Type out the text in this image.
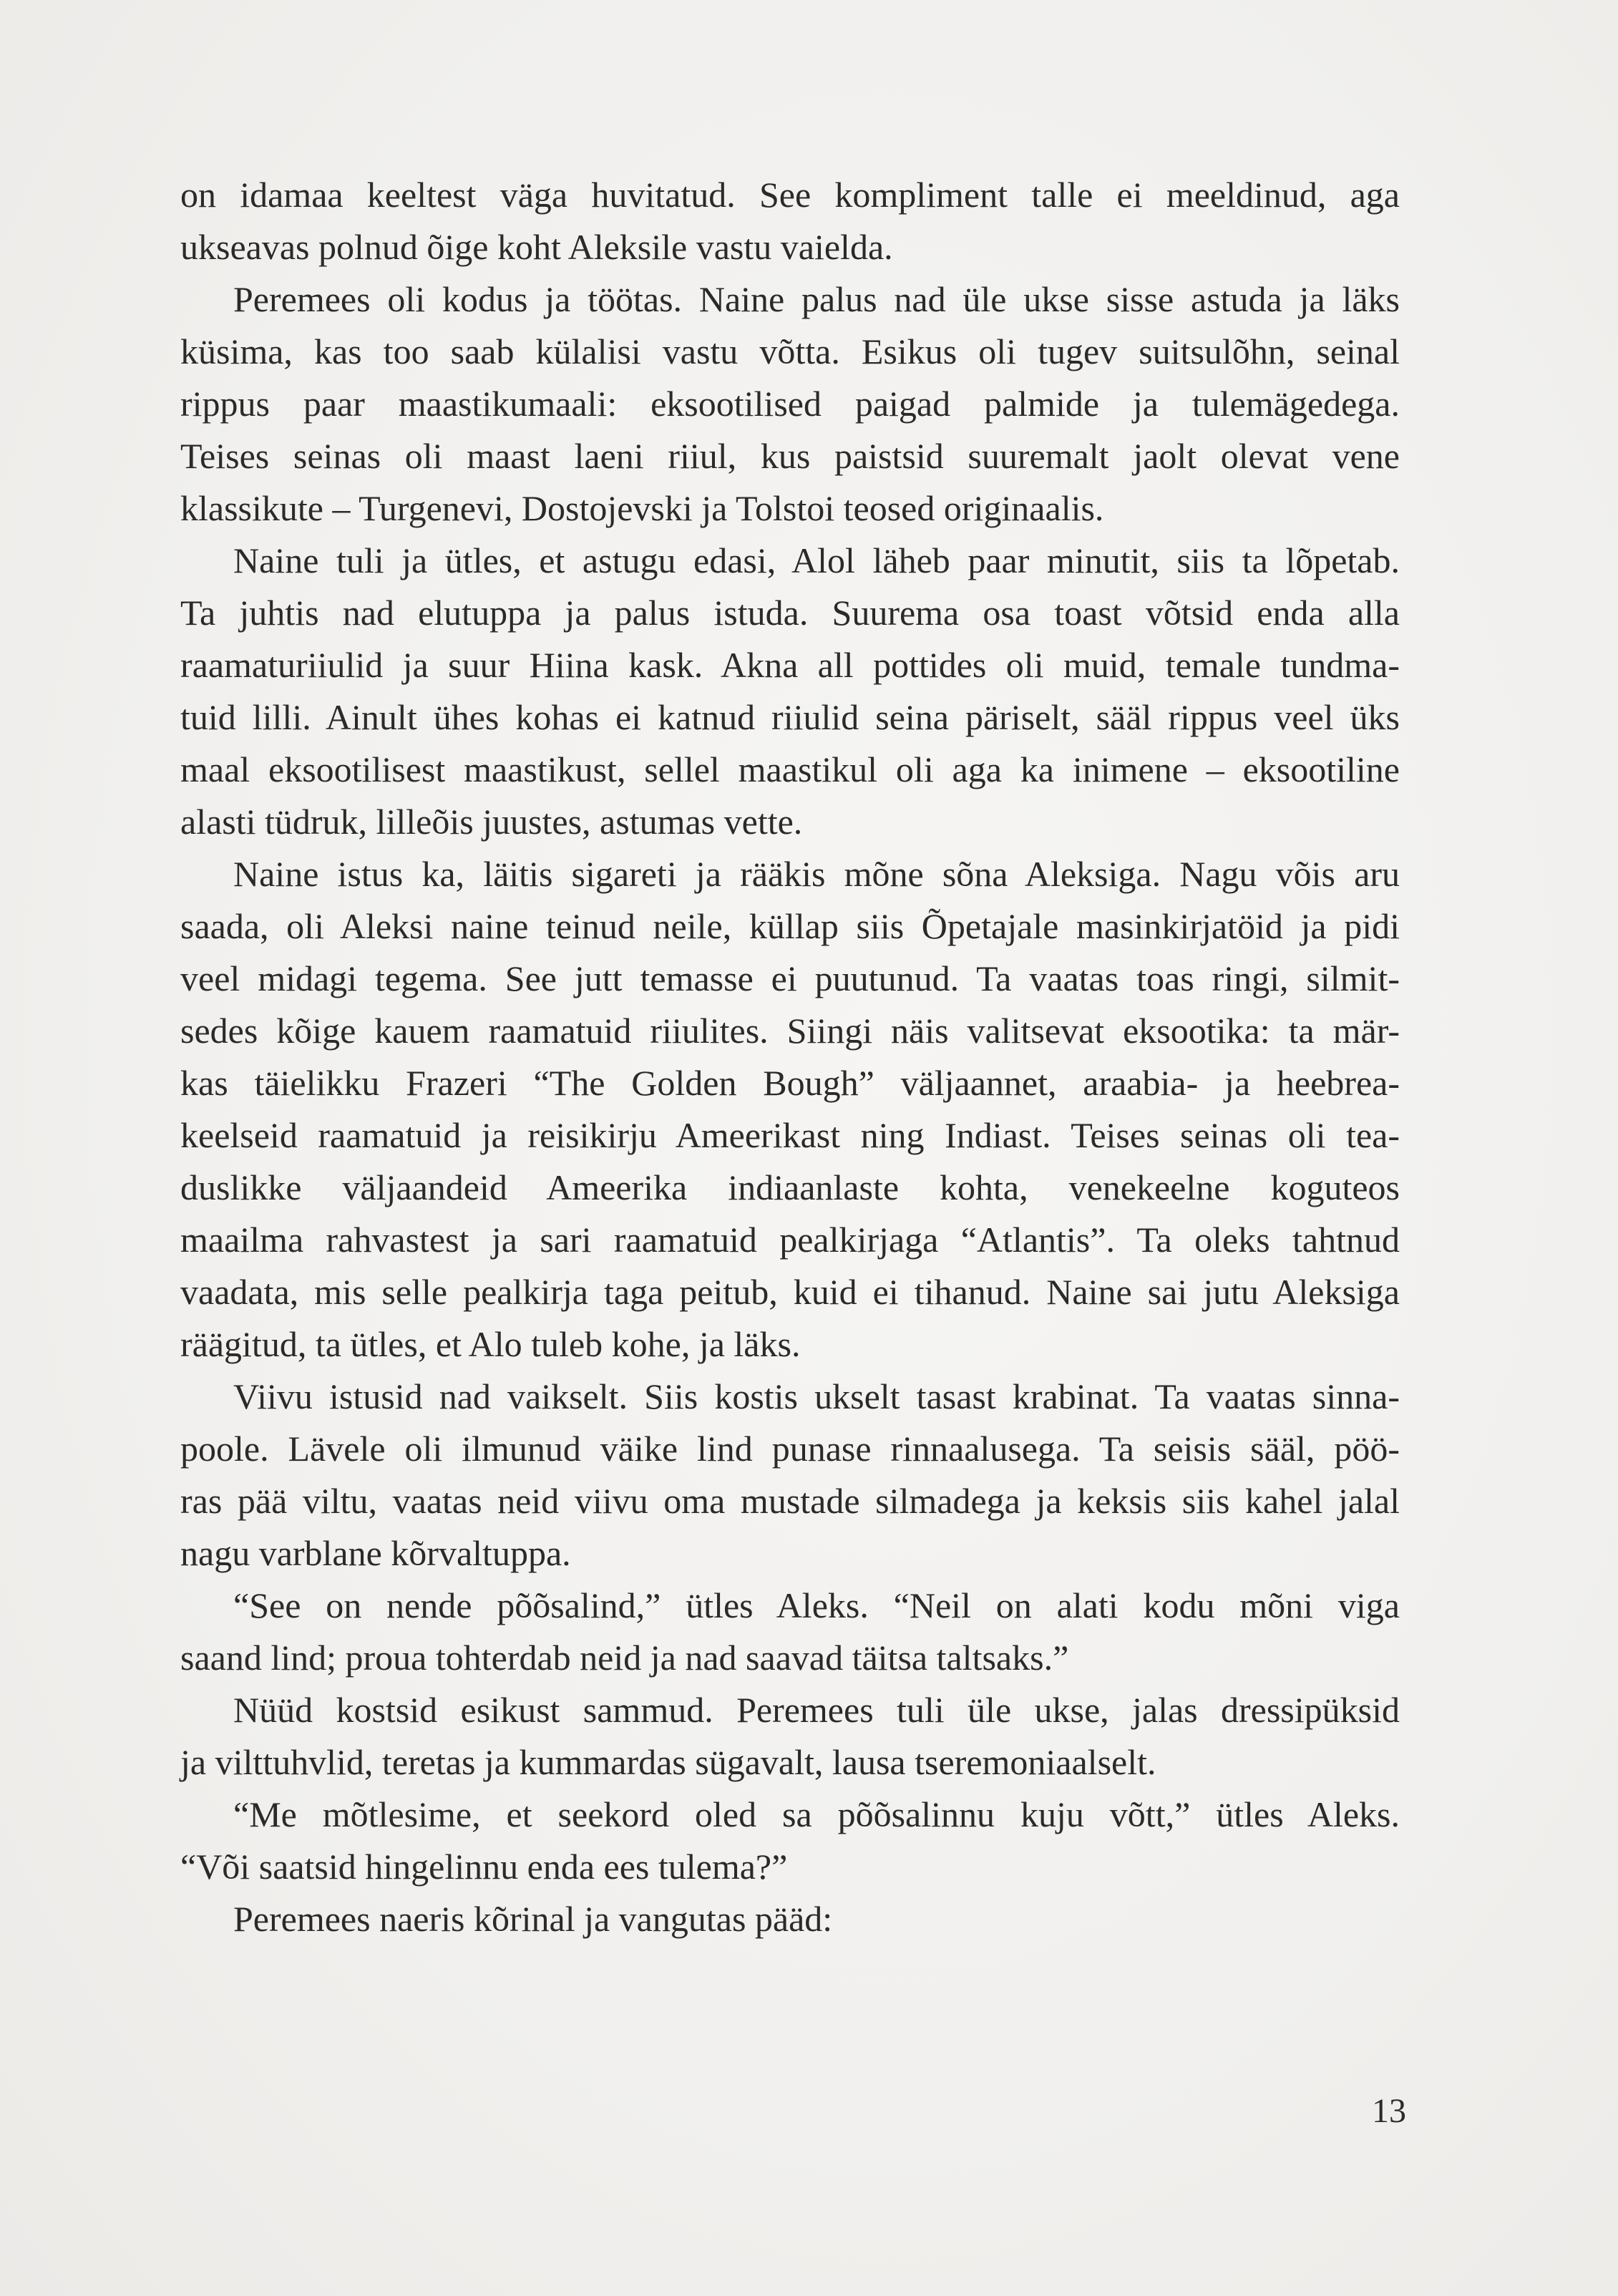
on idamaa keeltest väga huvitatud. See kompliment talle ei meeldinud, aga
ukseavas polnud õige koht Aleksile vastu vaielda.
Peremees oli kodus ja töötas. Naine palus nad üle ukse sisse astuda ja läks
küsima, kas too saab külalisi vastu võtta. Esikus oli tugev suitsulõhn, seinal
rippus paar maastikumaali: eksootilised paigad palmide ja tulemägedega.
Teises seinas oli maast laeni riiul, kus paistsid suuremalt jaolt olevat vene
klassikute – Turgenevi, Dostojevski ja Tolstoi teosed originaalis.
Naine tuli ja ütles, et astugu edasi, Alol läheb paar minutit, siis ta lõpetab.
Ta juhtis nad elutuppa ja palus istuda. Suurema osa toast võtsid enda alla
raamaturiiulid ja suur Hiina kask. Akna all pottides oli muid, temale tundma-
tuid lilli. Ainult ühes kohas ei katnud riiulid seina päriselt, sääl rippus veel üks
maal eksootilisest maastikust, sellel maastikul oli aga ka inimene – eksootiline
alasti tüdruk, lilleõis juustes, astumas vette.
Naine istus ka, läitis sigareti ja rääkis mõne sõna Aleksiga. Nagu võis aru
saada, oli Aleksi naine teinud neile, küllap siis Õpetajale masinkirjatöid ja pidi
veel midagi tegema. See jutt temasse ei puutunud. Ta vaatas toas ringi, silmit-
sedes kõige kauem raamatuid riiulites. Siingi näis valitsevat eksootika: ta mär-
kas täielikku Frazeri “The Golden Bough” väljaannet, araabia- ja heebrea-
keelseid raamatuid ja reisikirju Ameerikast ning Indiast. Teises seinas oli tea-
duslikke väljaandeid Ameerika indiaanlaste kohta, venekeelne koguteos
maailma rahvastest ja sari raamatuid pealkirjaga “Atlantis”. Ta oleks tahtnud
vaadata, mis selle pealkirja taga peitub, kuid ei tihanud. Naine sai jutu Aleksiga
räägitud, ta ütles, et Alo tuleb kohe, ja läks.
Viivu istusid nad vaikselt. Siis kostis ukselt tasast krabinat. Ta vaatas sinna-
poole. Lävele oli ilmunud väike lind punase rinnaalusega. Ta seisis sääl, pöö-
ras pää viltu, vaatas neid viivu oma mustade silmadega ja keksis siis kahel jalal
nagu varblane kõrvaltuppa.
“See on nende põõsalind,” ütles Aleks. “Neil on alati kodu mõni viga
saand lind; proua tohterdab neid ja nad saavad täitsa taltsaks.”
Nüüd kostsid esikust sammud. Peremees tuli üle ukse, jalas dressipüksid
ja vilttuhvlid, teretas ja kummardas sügavalt, lausa tseremoniaalselt.
“Me mõtlesime, et seekord oled sa põõsalinnu kuju võtt,” ütles Aleks.
“Või saatsid hingelinnu enda ees tulema?”
Peremees naeris kõrinal ja vangutas pääd:
13
